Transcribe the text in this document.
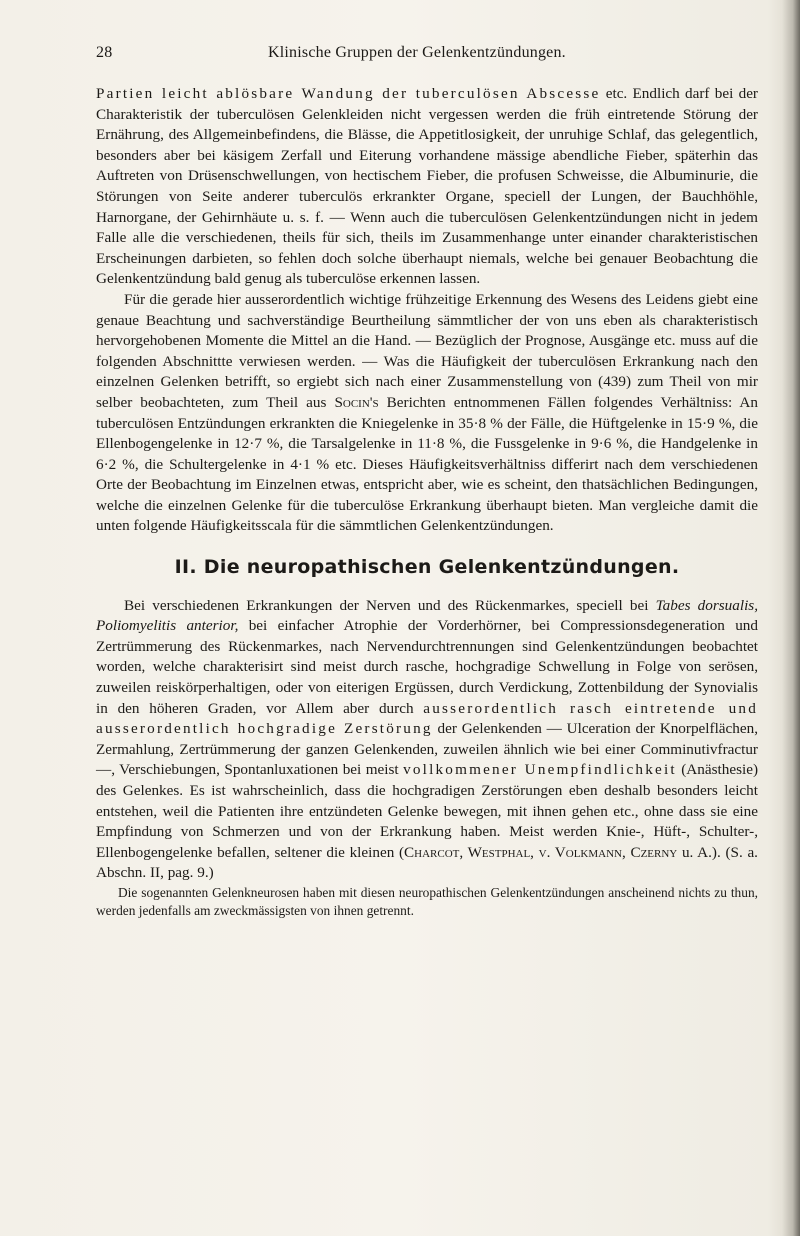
28	Klinische Gruppen der Gelenkentzündungen.

Partien leicht ablösbare Wandung der tuberculösen Abscesse etc. Endlich darf bei der Charakteristik der tuberculösen Gelenkleiden nicht vergessen werden die früh eintretende Störung der Ernährung, des Allgemeinbefindens, die Blässe, die Appetitlosigkeit, der unruhige Schlaf, das gelegentlich, besonders aber bei käsigem Zerfall und Eiterung vorhandene mässige abendliche Fieber, späterhin das Auftreten von Drüsenschwellungen, von hectischem Fieber, die profusen Schweisse, die Albuminurie, die Störungen von Seite anderer tuberculös erkrankter Organe, speciell der Lungen, der Bauchhöhle, Harnorgane, der Gehirnhäute u. s. f. — Wenn auch die tuberculösen Gelenkentzündungen nicht in jedem Falle alle die verschiedenen, theils für sich, theils im Zusammenhange unter einander charakteristischen Erscheinungen darbieten, so fehlen doch solche überhaupt niemals, welche bei genauer Beobachtung die Gelenkentzündung bald genug als tuberculöse erkennen lassen.

Für die gerade hier ausserordentlich wichtige frühzeitige Erkennung des Wesens des Leidens giebt eine genaue Beachtung und sachverständige Beurtheilung sämmtlicher der von uns eben als charakteristisch hervorgehobenen Momente die Mittel an die Hand. — Bezüglich der Prognose, Ausgänge etc. muss auf die folgenden Abschnittte verwiesen werden. — Was die Häufigkeit der tuberculösen Erkrankung nach den einzelnen Gelenken betrifft, so ergiebt sich nach einer Zusammenstellung von (439) zum Theil von mir selber beobachteten, zum Theil aus Socin's Berichten entnommenen Fällen folgendes Verhältniss: An tuberculösen Entzündungen erkrankten die Kniegelenke in 35·8 % der Fälle, die Hüftgelenke in 15·9 %, die Ellenbogengelenke in 12·7 %, die Tarsalgelenke in 11·8 %, die Fussgelenke in 9·6 %, die Handgelenke in 6·2 %, die Schultergelenke in 4·1 % etc. Dieses Häufigkeitsverhältniss differirt nach dem verschiedenen Orte der Beobachtung im Einzelnen etwas, entspricht aber, wie es scheint, den thatsächlichen Bedingungen, welche die einzelnen Gelenke für die tuberculöse Erkrankung überhaupt bieten. Man vergleiche damit die unten folgende Häufigkeitsscala für die sämmtlichen Gelenkentzündungen.

II. Die neuropathischen Gelenkentzündungen.

Bei verschiedenen Erkrankungen der Nerven und des Rückenmarkes, speciell bei Tabes dorsualis, Poliomyelitis anterior, bei einfacher Atrophie der Vorderhörner, bei Compressionsdegeneration und Zertrümmerung des Rückenmarkes, nach Nervendurchtrennungen sind Gelenkentzündungen beobachtet worden, welche charakterisirt sind meist durch rasche, hochgradige Schwellung in Folge von serösen, zuweilen reiskörperhaltigen, oder von eiterigen Ergüssen, durch Verdickung, Zottenbildung der Synovialis in den höheren Graden, vor Allem aber durch ausserordentlich rasch eintretende und ausserordentlich hochgradige Zerstörung der Gelenkenden — Ulceration der Knorpelflächen, Zermahlung, Zertrümmerung der ganzen Gelenkenden, zuweilen ähnlich wie bei einer Comminutivfractur —, Verschiebungen, Spontanluxationen bei meist vollkommener Unempfindlichkeit (Anästhesie) des Gelenkes. Es ist wahrscheinlich, dass die hochgradigen Zerstörungen eben deshalb besonders leicht entstehen, weil die Patienten ihre entzündeten Gelenke bewegen, mit ihnen gehen etc., ohne dass sie eine Empfindung von Schmerzen und von der Erkrankung haben. Meist werden Knie-, Hüft-, Schulter-, Ellenbogengelenke befallen, seltener die kleinen (Charcot, Westphal, v. Volkmann, Czerny u. A.). (S. a. Abschn. II, pag. 9.)

Die sogenannten Gelenkneurosen haben mit diesen neuropathischen Gelenkentzündungen anscheinend nichts zu thun, werden jedenfalls am zweckmässigsten von ihnen getrennt.
